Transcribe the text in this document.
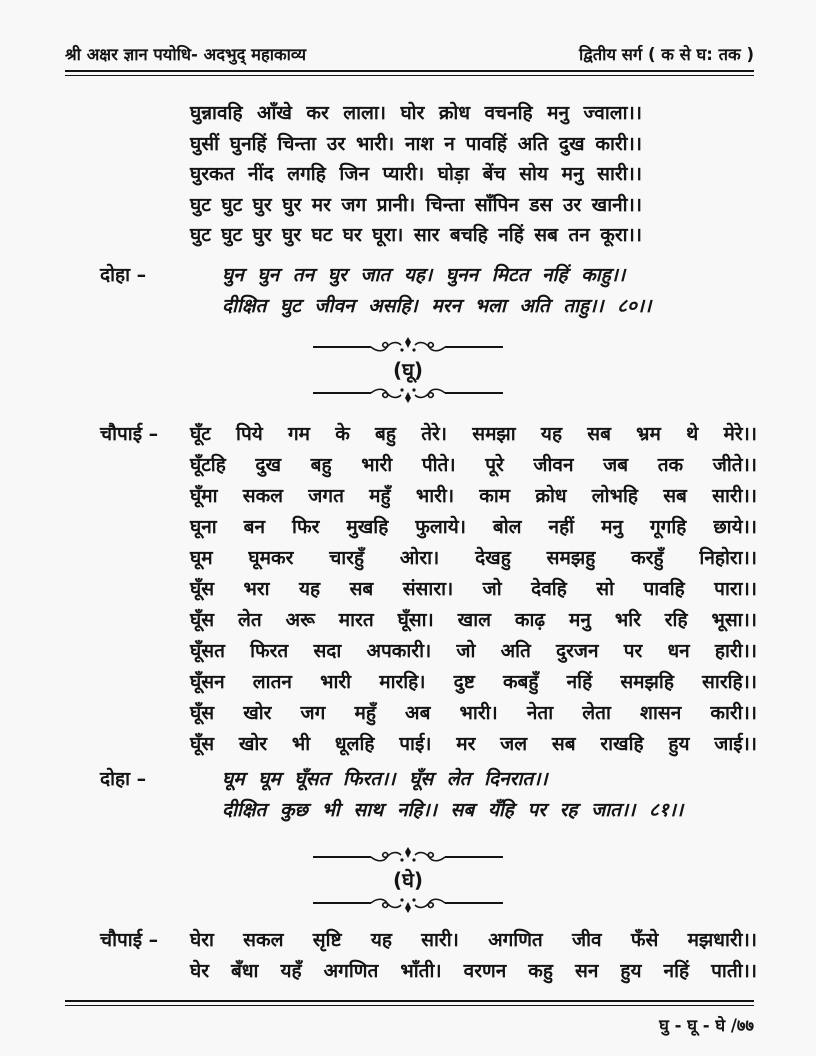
श्री अक्षर ज्ञान पयोधि- अदभुद् महाकाव्य	द्वितीय सर्ग ( क से घ: तक )
घुन्नावहि आँखे कर लाला। घोर क्रोध वचनहि मनु ज्वाला।।
घुसीं घुनहिं चिन्ता उर भारी। नाश न पावहिं अति दुख कारी।।
घुरकत नींद लगहि जिन प्यारी। घोड़ा बेंच सोय मनु सारी।।
घुट घुट घुर घुर मर जग प्रानी। चिन्ता साँपिन डस उर खानी।।
घुट घुट घुर घुर घट घर घूरा। सार बचहि नहिं सब तन कूरा।।
दोहा –	घुन घुन तन घुर जात यह। घुनन मिटत नहिं काहु।।
दीक्षित घुट जीवन असहि। मरन भला अति ताहु।। ८०।।
(घू)
चौपाई – घूँट पिये गम के बहु तेरे। समझा यह सब भ्रम थे मेरे।।
घूँटहि दुख बहु भारी पीते। पूरे जीवन जब तक जीते।।
घूँमा सकल जगत महुँ भारी। काम क्रोध लोभहि सब सारी।।
घूना बन फिर मुखहि फुलाये। बोल नहीं मनु गूगहि छाये।।
घूम घूमकर चारहुँ ओरा। देखहु समझहु करहुँ निहोरा।।
घूँस भरा यह सब संसारा। जो देवहि सो पावहि पारा।।
घूँस लेत अरू मारत घूँसा। खाल काढ़ मनु भरि रहि भूसा।।
घूँसत फिरत सदा अपकारी। जो अति दुरजन पर धन हारी।।
घूँसन लातन भारी मारहि। दुष्ट कबहुँ नहिं समझहि सारहि।।
घूँस खोर जग महुँ अब भारी। नेता लेता शासन कारी।।
घूँस खोर भी धूलहि पाई। मर जल सब राखहि हुय जाई।।
दोहा –	घूम घूम घूँसत फिरत।। घूँस लेत दिनरात।।
दीक्षित कुछ भी साथ नहि।। सब यँहि पर रह जात।। ८१।।
(घे)
चौपाई – घेरा सकल सृष्टि यह सारी। अगणित जीव फँसे मझधारी।।
घेर बँधा यहँ अगणित भाँती। वरणन कहु सन हुय नहिं पाती।।
घु - घू - घे /७७
